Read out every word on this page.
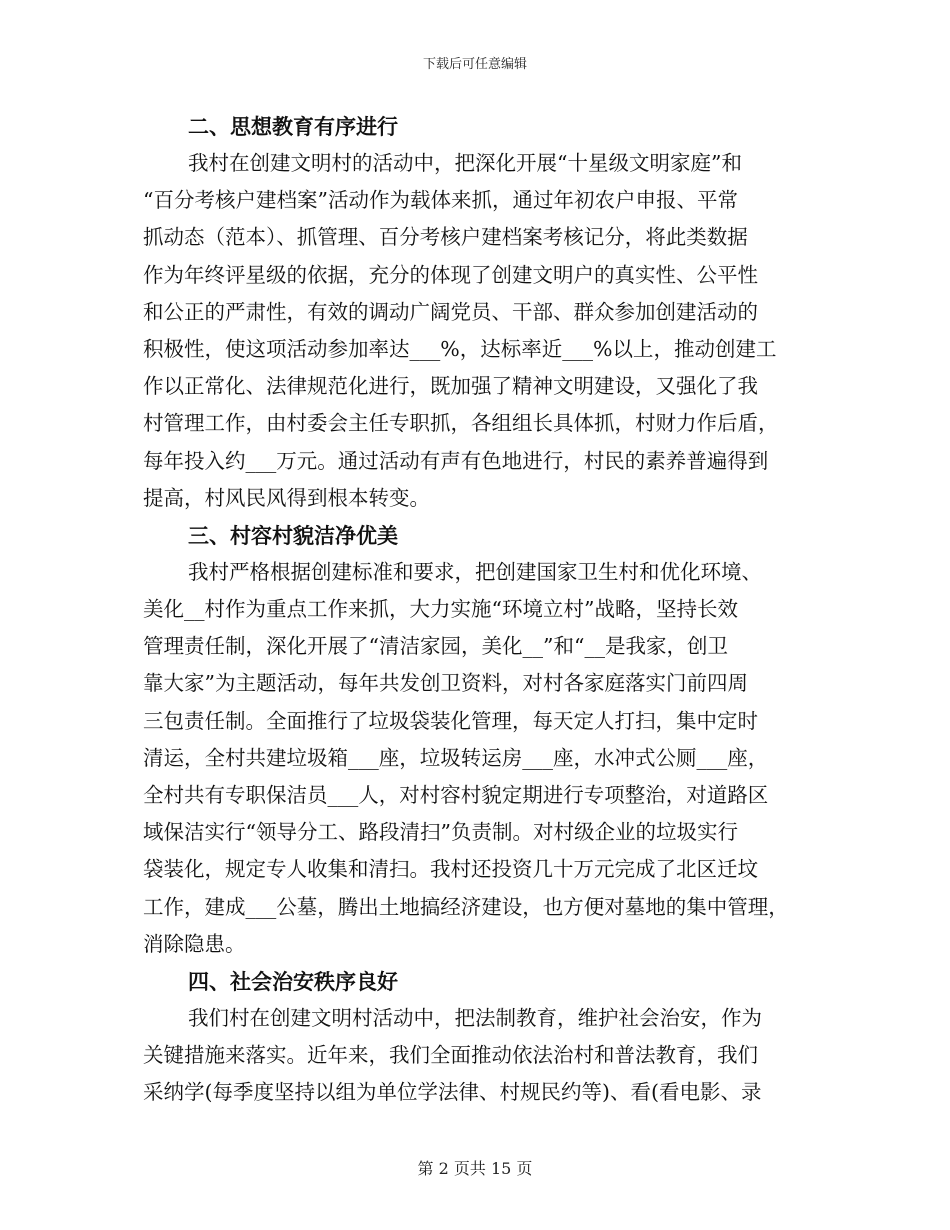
下载后可任意编辑
二、思想教育有序进行
我村在创建文明村的活动中，把深化开展“十星级文明家庭”和
“百分考核户建档案”活动作为载体来抓，通过年初农户申报、平常
抓动态（范本）、抓管理、百分考核户建档案考核记分，将此类数据
作为年终评星级的依据，充分的体现了创建文明户的真实性、公平性
和公正的严肃性，有效的调动广阔党员、干部、群众参加创建活动的
积极性，使这项活动参加率达___%，达标率近___%以上，推动创建工
作以正常化、法律规范化进行，既加强了精神文明建设，又强化了我
村管理工作，由村委会主任专职抓，各组组长具体抓，村财力作后盾，
每年投入约___万元。通过活动有声有色地进行，村民的素养普遍得到
提高，村风民风得到根本转变。
三、村容村貌洁净优美
我村严格根据创建标准和要求，把创建国家卫生村和优化环境、
美化__村作为重点工作来抓，大力实施“环境立村”战略，坚持长效
管理责任制，深化开展了“清洁家园，美化__”和“__是我家，创卫
靠大家”为主题活动，每年共发创卫资料，对村各家庭落实门前四周
三包责任制。全面推行了垃圾袋装化管理，每天定人打扫，集中定时
清运，全村共建垃圾箱___座，垃圾转运房___座，水冲式公厕___座，
全村共有专职保洁员___人，对村容村貌定期进行专项整治，对道路区
域保洁实行“领导分工、路段清扫”负责制。对村级企业的垃圾实行
袋装化，规定专人收集和清扫。我村还投资几十万元完成了北区迁坟
工作，建成___公墓，腾出土地搞经济建设，也方便对墓地的集中管理，
消除隐患。
四、社会治安秩序良好
我们村在创建文明村活动中，把法制教育，维护社会治安，作为
关键措施来落实。近年来，我们全面推动依法治村和普法教育，我们
采纳学(每季度坚持以组为单位学法律、村规民约等)、看(看电影、录
第 2 页共 15 页
